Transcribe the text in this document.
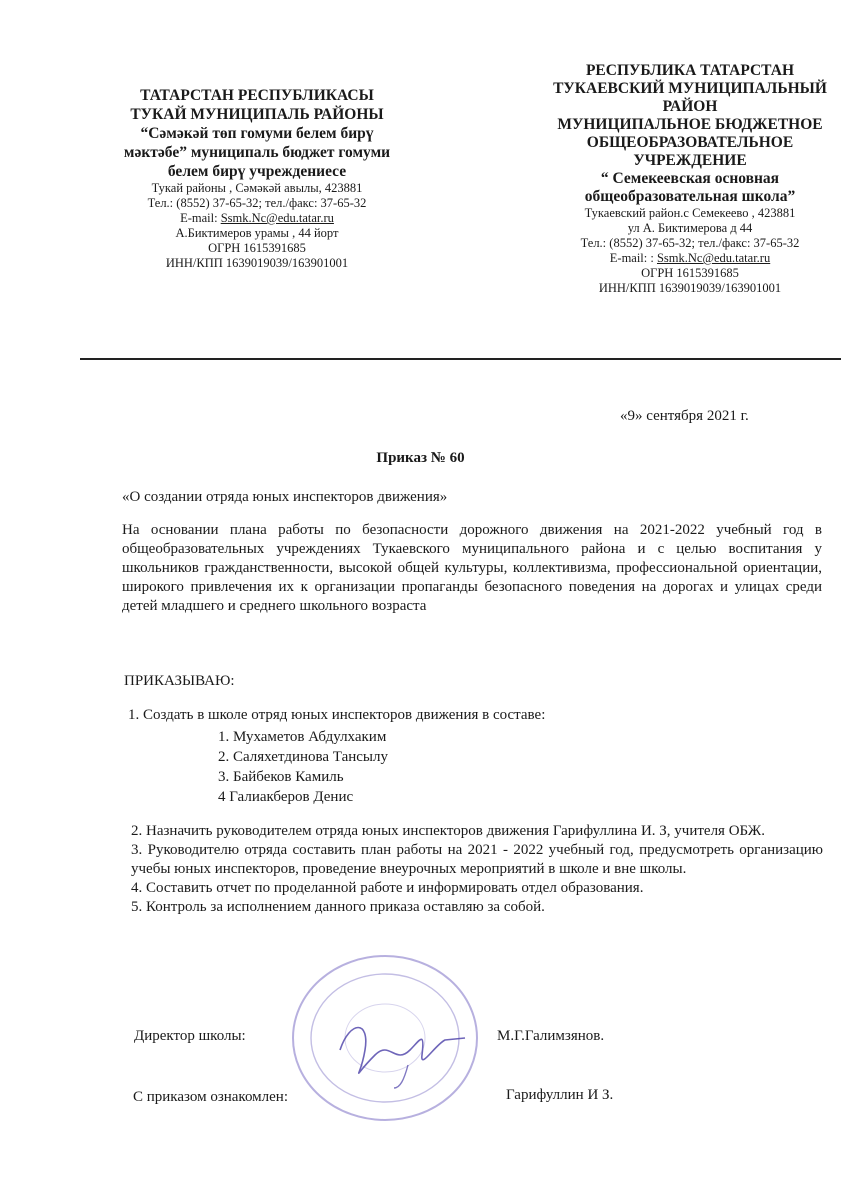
ТАТАРСТАН РЕСПУБЛИКАСЫ
ТУКАЙ МУНИЦИПАЛЬ РАЙОНЫ
“Сәмәкәй төп гомуми белем бирү
мәктәбе” муниципаль бюджет гомуми
белем бирү учреждениесе
Тукай районы , Сәмәкәй авылы, 423881
Тел.: (8552) 37-65-32; тел./факс: 37-65-32
E-mail: Ssmk.Nc@edu.tatar.ru
А.Биктимеров урамы , 44 йорт
ОГРН 1615391685
ИНН/КПП 1639019039/163901001
РЕСПУБЛИКА ТАТАРСТАН
ТУКАЕВСКИЙ МУНИЦИПАЛЬНЫЙ
РАЙОН
МУНИЦИПАЛЬНОЕ БЮДЖЕТНОЕ
ОБЩЕОБРАЗОВАТЕЛЬНОЕ
УЧРЕЖДЕНИЕ
“ Семекеевская основная
общеобразовательная школа”
Тукаевский район.с Семекеево , 423881
ул А. Биктимерова д 44
Тел.: (8552) 37-65-32; тел./факс: 37-65-32
E-mail: : Ssmk.Nc@edu.tatar.ru
ОГРН 1615391685
ИНН/КПП 1639019039/163901001
«9» сентября 2021 г.
Приказ № 60
«О создании отряда юных инспекторов движения»
На основании плана работы по безопасности дорожного движения на 2021-2022 учебный год в общеобразовательных учреждениях Тукаевского муниципального района и с целью воспитания у школьников гражданственности, высокой общей культуры, коллективизма, профессиональной ориентации, широкого привлечения их к организации пропаганды безопасного поведения на дорогах и улицах среди детей младшего и среднего школьного возраста
ПРИКАЗЫВАЮ:
1. Создать в школе отряд юных инспекторов движения в составе:
1. Мухаметов Абдулхаким
2. Саляхетдинова Тансылу
3. Байбеков Камиль
4 Галиакберов Денис
2. Назначить руководителем отряда юных инспекторов движения Гарифуллина И. З, учителя ОБЖ.
3. Руководителю отряда составить план работы на 2021 - 2022 учебный год, предусмотреть организацию учебы юных инспекторов, проведение внеурочных мероприятий в школе и вне школы.
4. Составить отчет по проделанной работе и информировать отдел образования.
5. Контроль за исполнением данного приказа оставляю за собой.
Директор школы:	М.Г.Галимзянов.
С приказом ознакомлен:	Гарифуллин И З.
